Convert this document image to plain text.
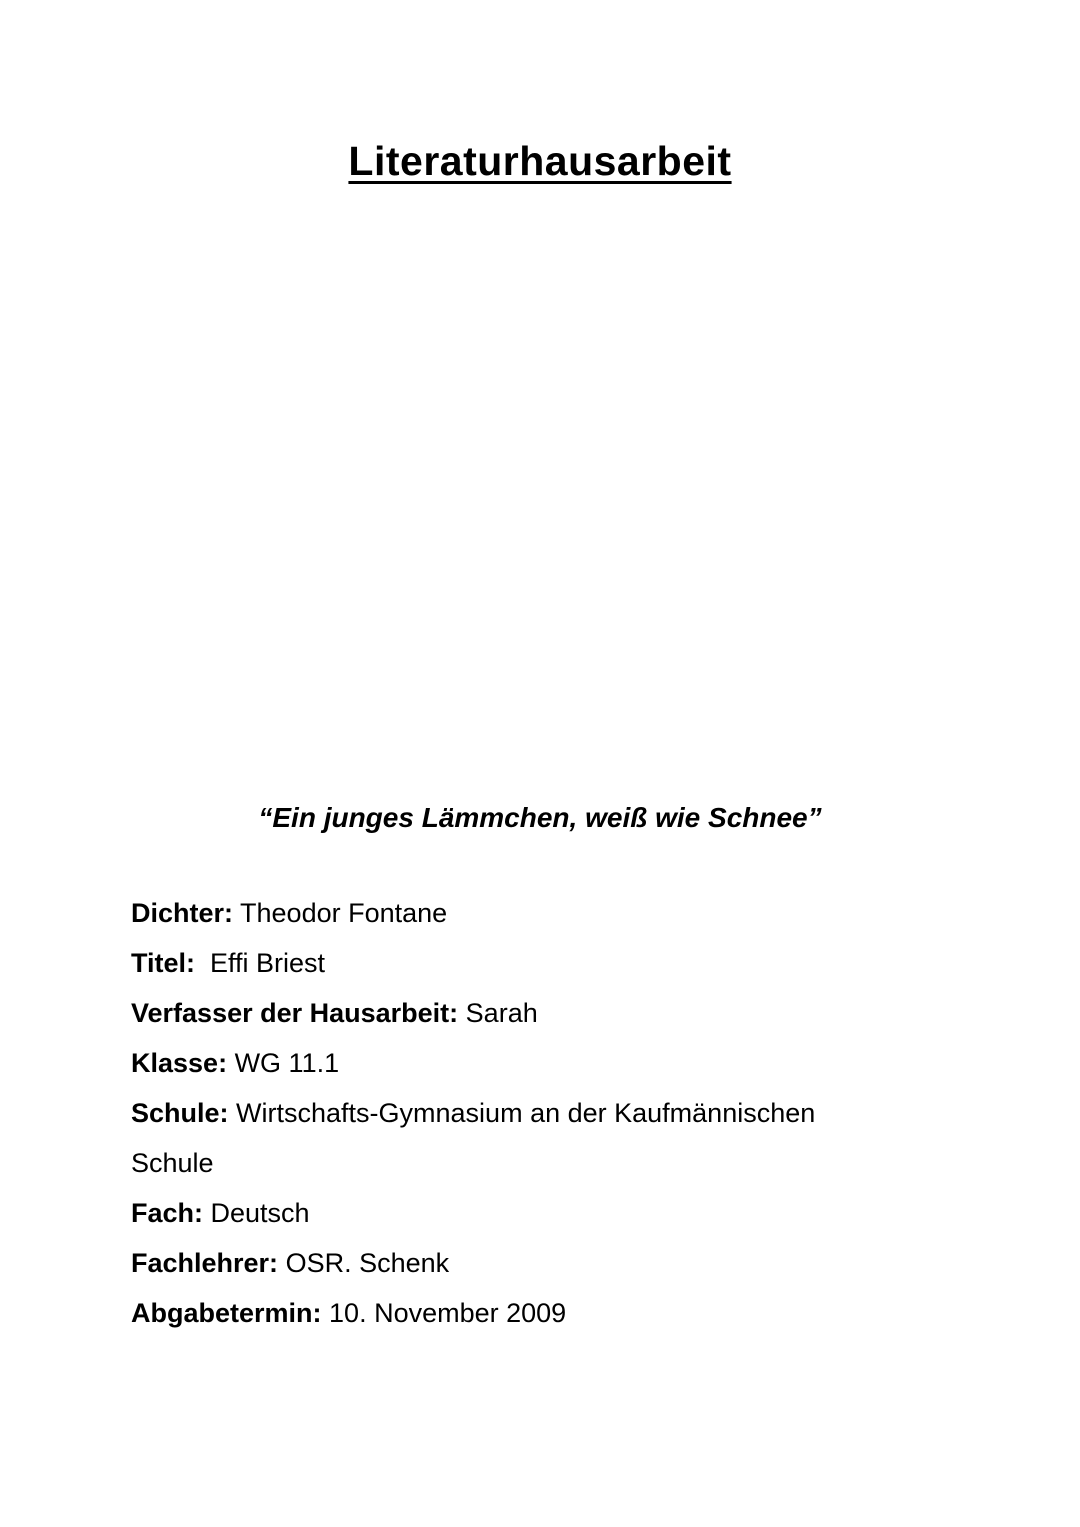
Literaturhausarbeit
“Ein junges Lämmchen, weiß wie Schnee”
Dichter: Theodor Fontane
Titel:  Effi Briest
Verfasser der Hausarbeit: Sarah
Klasse: WG 11.1
Schule: Wirtschafts-Gymnasium an der Kaufmännischen
Schule
Fach: Deutsch
Fachlehrer: OSR. Schenk
Abgabetermin: 10. November 2009
